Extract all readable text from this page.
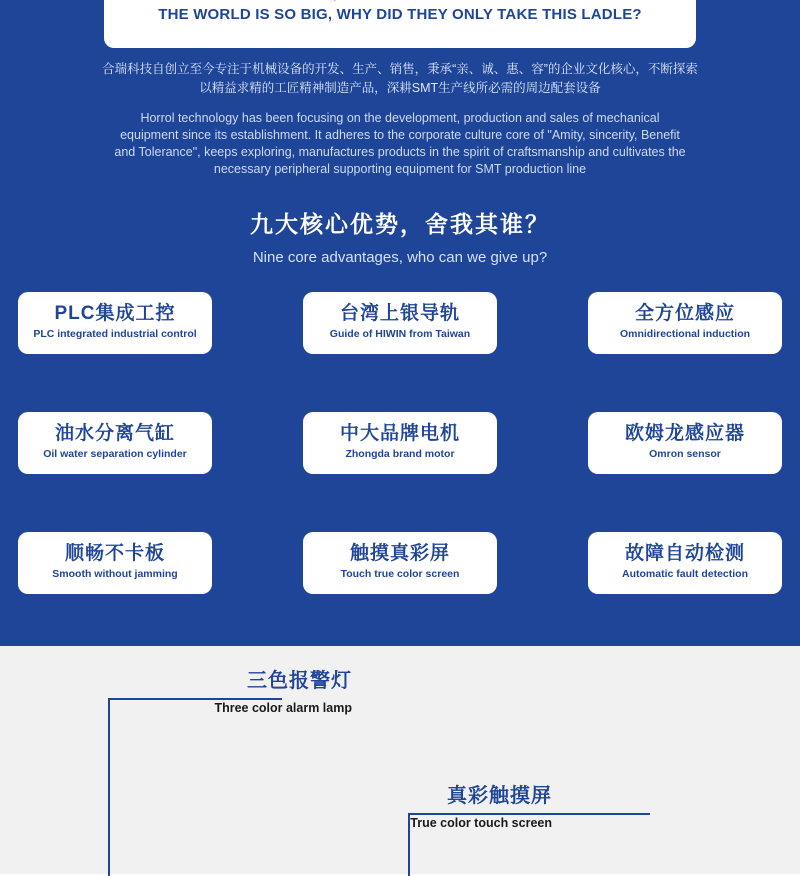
THE WORLD IS SO BIG, WHY DID THEY ONLY TAKE THIS LADLE?
合瑞科技自创立至今专注于机械设备的开发、生产、销售，秉承“亲、诚、惠、容”的企业文化核心，不断探索以精益求精的工匠精神制造产品，深耕SMT生产线所必需的周边配套设备
Horrol technology has been focusing on the development, production and sales of mechanical equipment since its establishment. It adheres to the corporate culture core of "Amity, sincerity, Benefit and Tolerance", keeps exploring, manufactures products in the spirit of craftsmanship and cultivates the necessary peripheral supporting equipment for SMT production line
九大核心优势，舍我其谁？
Nine core advantages, who can we give up?
PLC集成工控
PLC integrated industrial control
台湾上银导轨
Guide of HIWIN from Taiwan
全方位感应
Omnidirectional induction
油水分离气缸
Oil water separation cylinder
中大品牌电机
Zhongda brand motor
欧姆龙感应器
Omron sensor
顺畅不卡板
Smooth without jamming
触摸真彩屏
Touch true color screen
故障自动检测
Automatic fault detection
三色报警灯
Three color alarm lamp
真彩触摸屏
True color touch screen
